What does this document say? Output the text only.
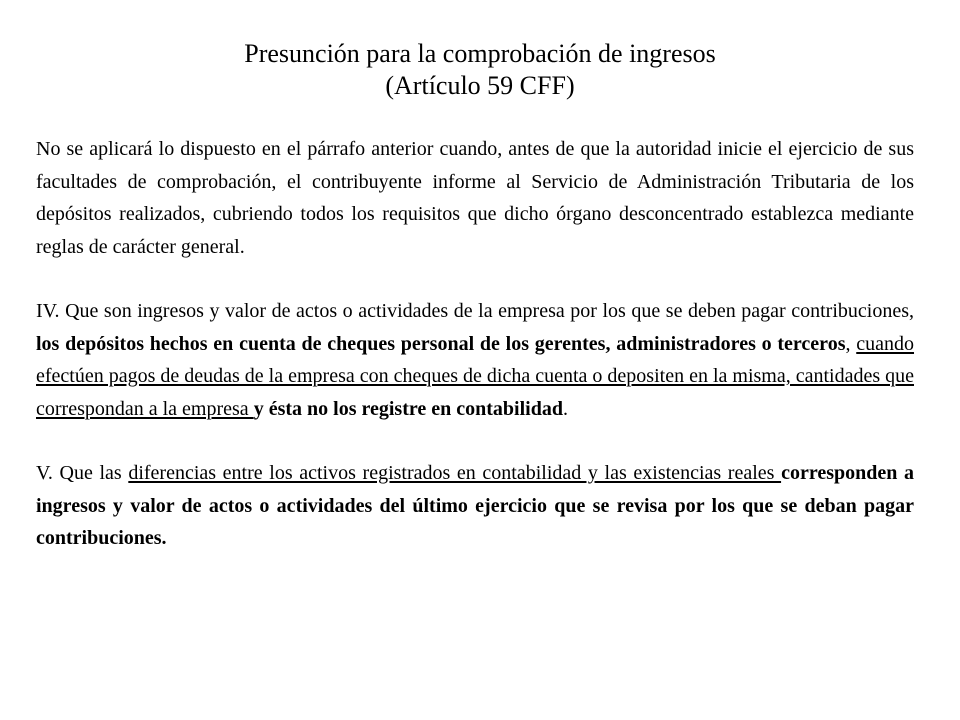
Presunción para la comprobación de ingresos
(Artículo 59 CFF)

No se aplicará lo dispuesto en el párrafo anterior cuando, antes de que la autoridad inicie el ejercicio de sus facultades de comprobación, el contribuyente informe al Servicio de Administración Tributaria de los depósitos realizados, cubriendo todos los requisitos que dicho órgano desconcentrado establezca mediante reglas de carácter general.

IV. Que son ingresos y valor de actos o actividades de la empresa por los que se deben pagar contribuciones, los depósitos hechos en cuenta de cheques personal de los gerentes, administradores o terceros, cuando efectúen pagos de deudas de la empresa con cheques de dicha cuenta o depositen en la misma, cantidades que correspondan a la empresa y ésta no los registre en contabilidad.

V. Que las diferencias entre los activos registrados en contabilidad y las existencias reales corresponden a ingresos y valor de actos o actividades del último ejercicio que se revisa por los que se deban pagar contribuciones.
